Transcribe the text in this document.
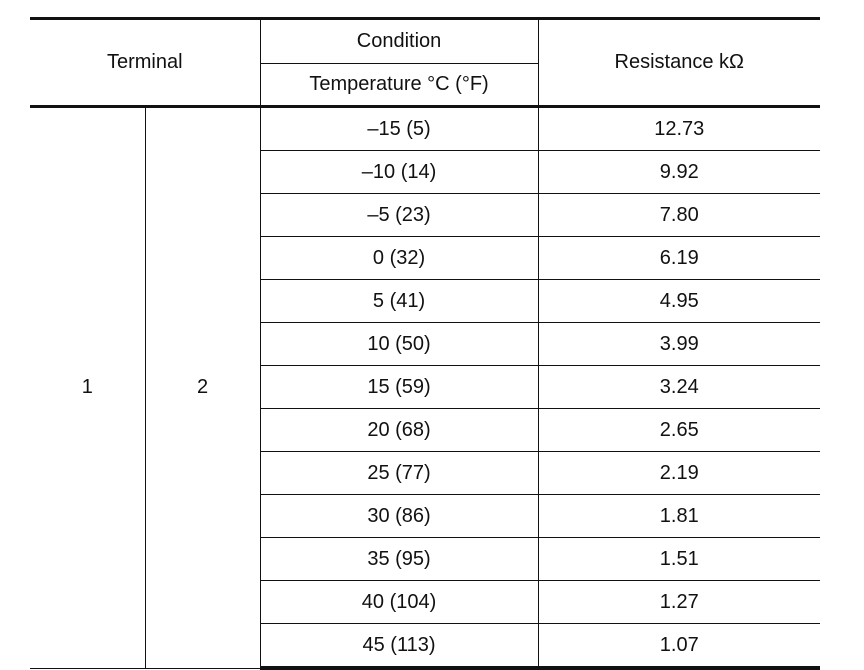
Terminal		Condition	Resistance kΩ
		Temperature °C (°F)	
1	2	–15 (5)	12.73
		–10 (14)	9.92
		–5 (23)	7.80
		0 (32)	6.19
		5 (41)	4.95
		10 (50)	3.99
		15 (59)	3.24
		20 (68)	2.65
		25 (77)	2.19
		30 (86)	1.81
		35 (95)	1.51
		40 (104)	1.27
		45 (113)	1.07
